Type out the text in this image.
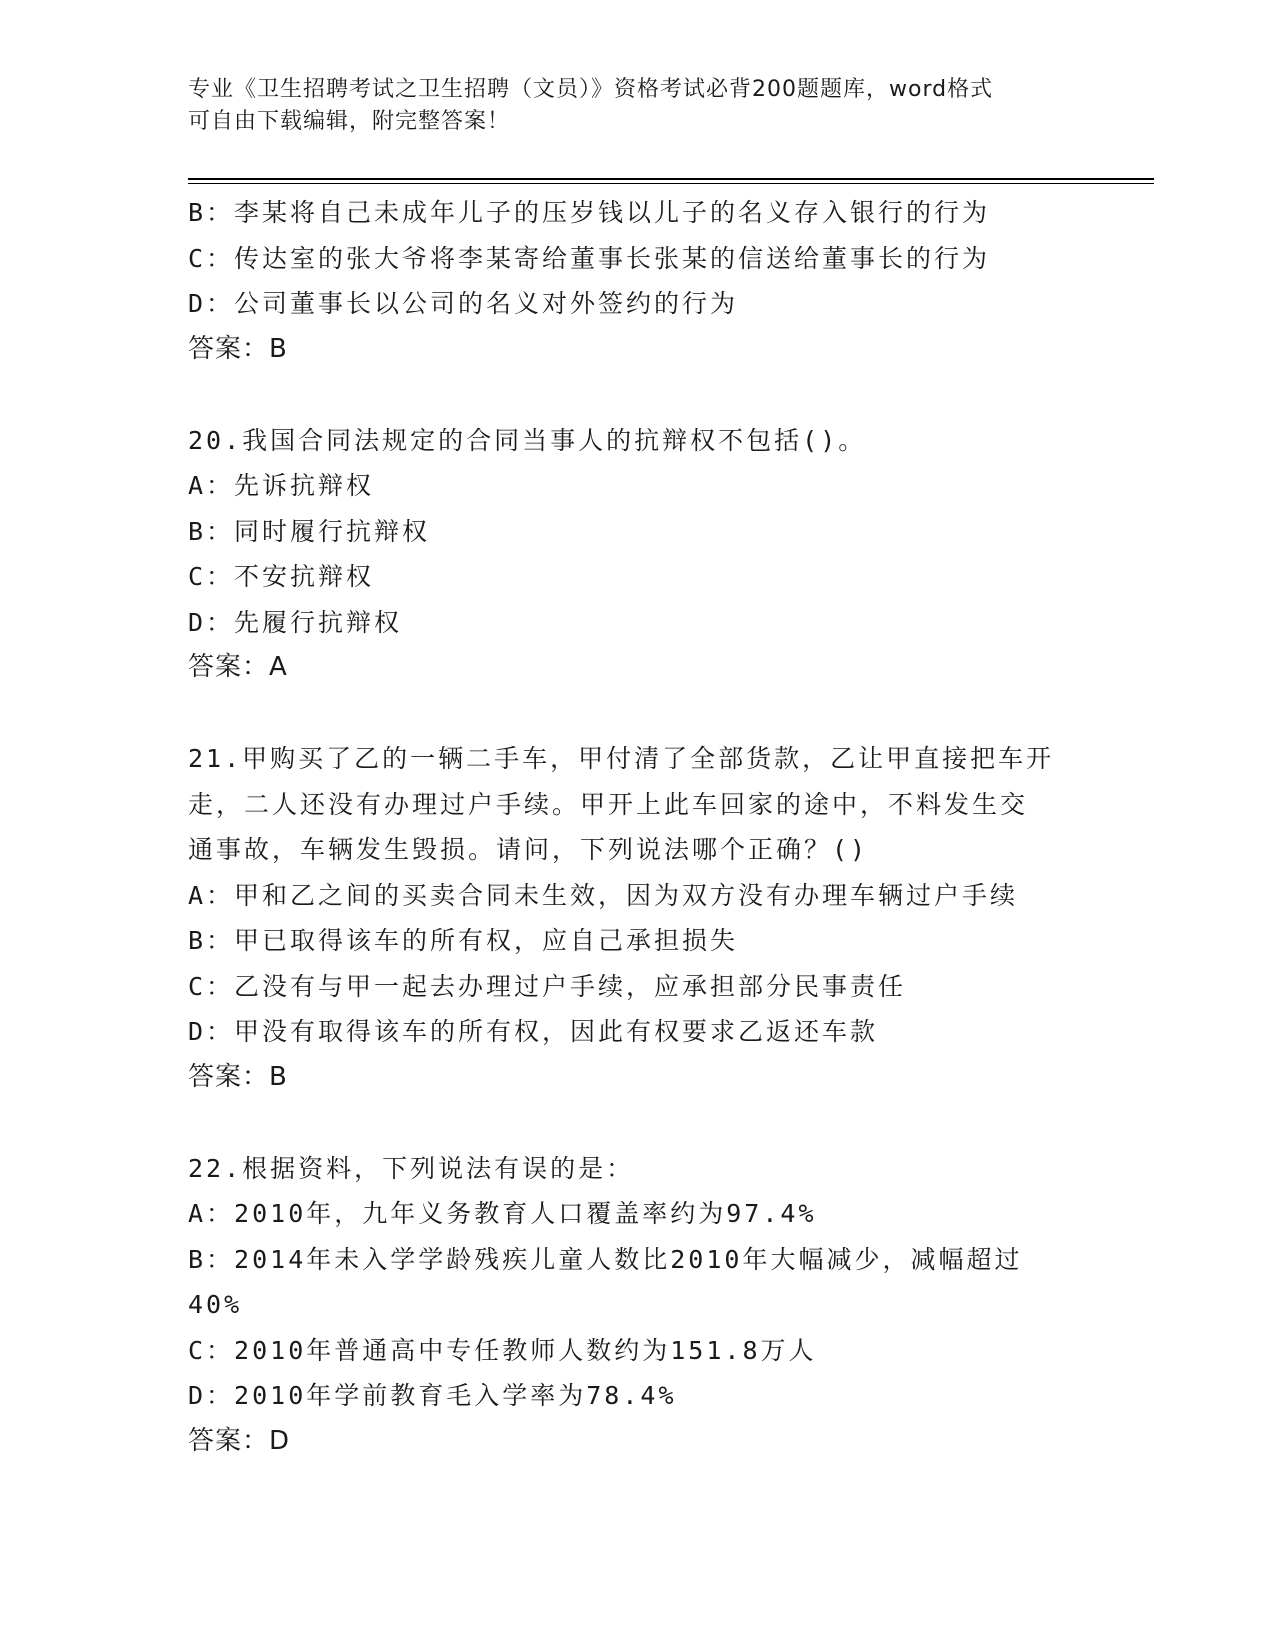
专业《卫生招聘考试之卫生招聘（文员）》资格考试必背200题题库，word格式
可自由下载编辑，附完整答案！
B：李某将自己未成年儿子的压岁钱以儿子的名义存入银行的行为
C：传达室的张大爷将李某寄给董事长张某的信送给董事长的行为
D：公司董事长以公司的名义对外签约的行为
答案：B
20.我国合同法规定的合同当事人的抗辩权不包括()。
A：先诉抗辩权
B：同时履行抗辩权
C：不安抗辩权
D：先履行抗辩权
答案：A
21.甲购买了乙的一辆二手车，甲付清了全部货款，乙让甲直接把车开
走，二人还没有办理过户手续。甲开上此车回家的途中，不料发生交
通事故，车辆发生毁损。请问，下列说法哪个正确？()
A：甲和乙之间的买卖合同未生效，因为双方没有办理车辆过户手续
B：甲已取得该车的所有权，应自己承担损失
C：乙没有与甲一起去办理过户手续，应承担部分民事责任
D：甲没有取得该车的所有权，因此有权要求乙返还车款
答案：B
22.根据资料，下列说法有误的是：
A：2010年，九年义务教育人口覆盖率约为97.4%
B：2014年未入学学龄残疾儿童人数比2010年大幅减少，减幅超过
40%
C：2010年普通高中专任教师人数约为151.8万人
D：2010年学前教育毛入学率为78.4%
答案：D
